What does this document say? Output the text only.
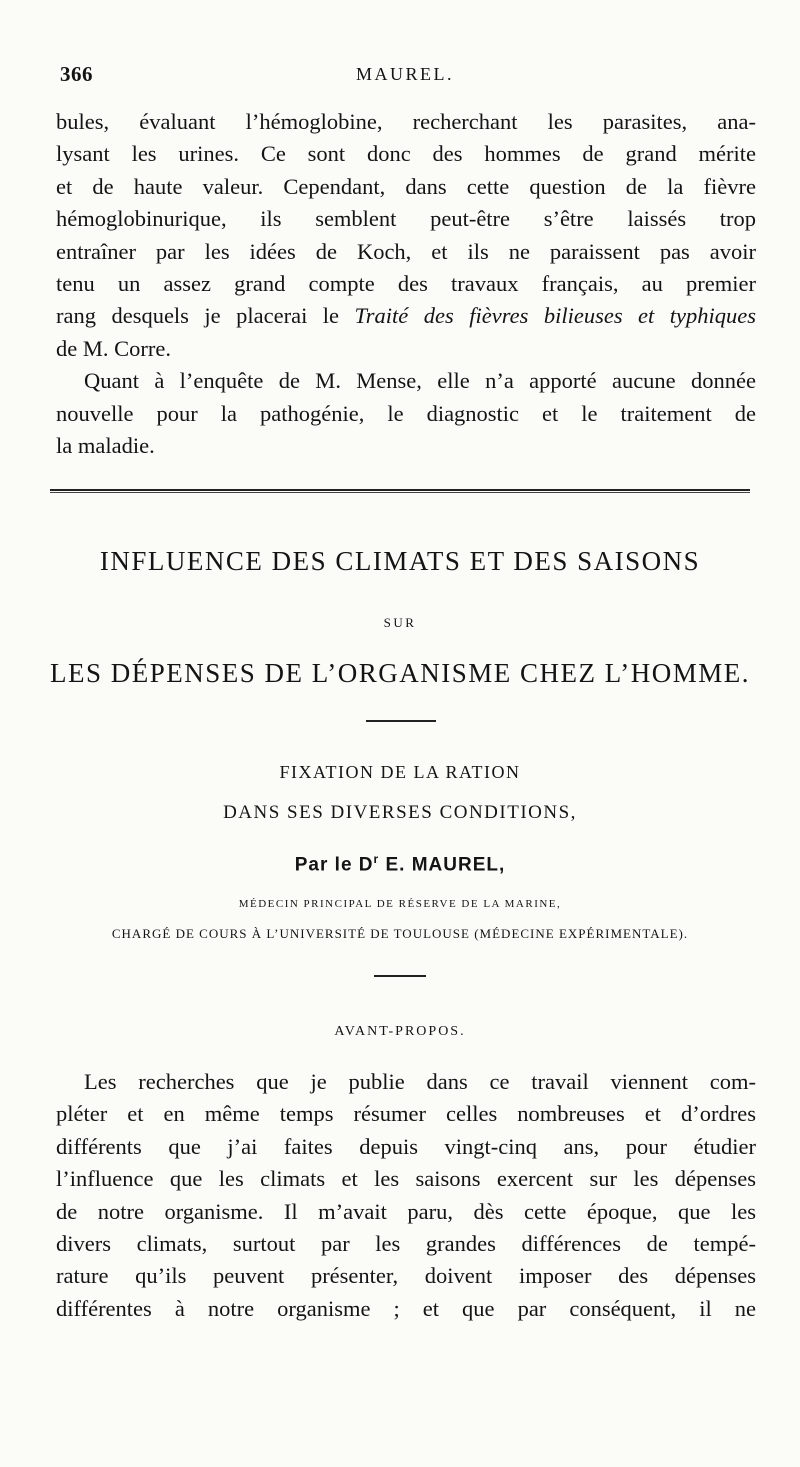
366	MAUREL.

bules, évaluant l’hémoglobine, recherchant les parasites, ana-
lysant les urines. Ce sont donc des hommes de grand mérite
et de haute valeur. Cependant, dans cette question de la fièvre
hémoglobinurique, ils semblent peut-être s’être laissés trop
entraîner par les idées de Koch, et ils ne paraissent pas avoir
tenu un assez grand compte des travaux français, au premier
rang desquels je placerai le Traité des fièvres bilieuses et typhiques
de M. Corre.

Quant à l’enquête de M. Mense, elle n’a apporté aucune donnée
nouvelle pour la pathogénie, le diagnostic et le traitement de
la maladie.

INFLUENCE DES CLIMATS ET DES SAISONS
SUR
LES DÉPENSES DE L’ORGANISME CHEZ L’HOMME.
FIXATION DE LA RATION
DANS SES DIVERSES CONDITIONS,
Par le $D^r$ E. MAUREL,
MÉDECIN PRINCIPAL DE RÉSERVE DE LA MARINE,
CHARGÉ DE COURS À L’UNIVERSITÉ DE TOULOUSE (MÉDECINE EXPÉRIMENTALE).
AVANT-PROPOS.

Les recherches que je publie dans ce travail viennent com-
pléter et en même temps résumer celles nombreuses et d’ordres
différents que j’ai faites depuis vingt-cinq ans, pour étudier
l’influence que les climats et les saisons exercent sur les dépenses
de notre organisme. Il m’avait paru, dès cette époque, que les
divers climats, surtout par les grandes différences de tempé-
rature qu’ils peuvent présenter, doivent imposer des dépenses
différentes à notre organisme ; et que par conséquent, il ne
